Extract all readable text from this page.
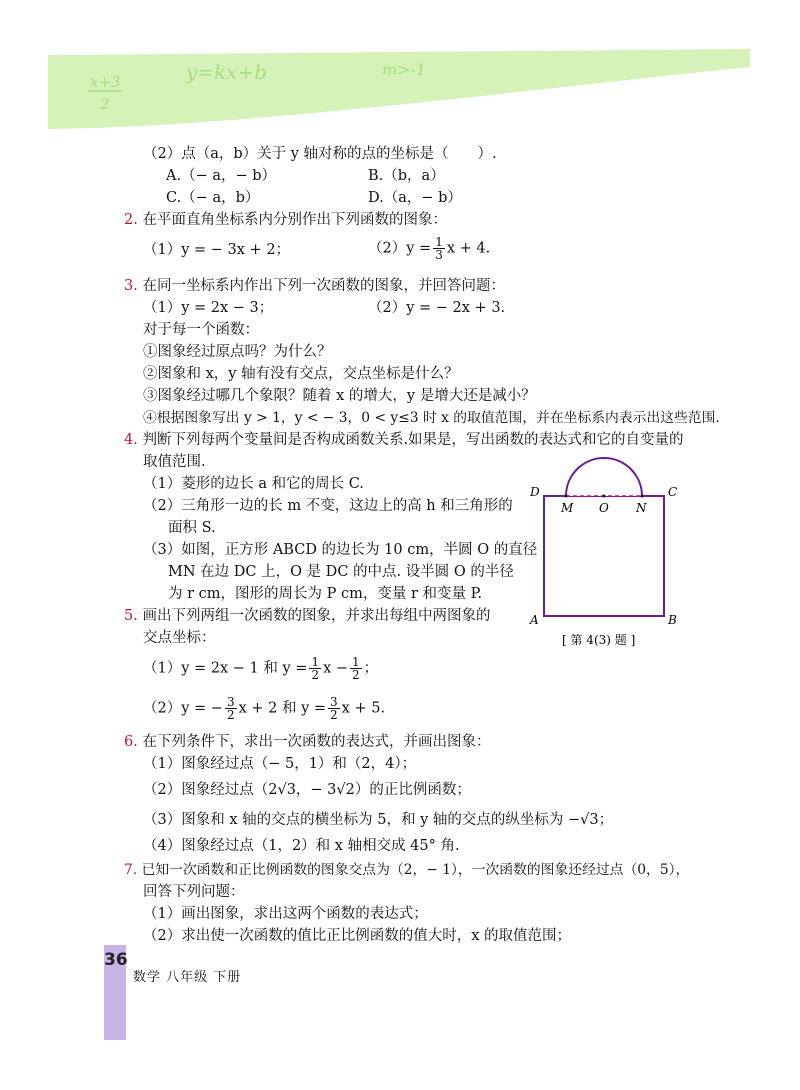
x+3
2
y=kx+b	m>-1
（2）点（a，b）关于 y 轴对称的点的坐标是（　　）.
A.（− a，− b）	B.（b，a）
C.（− a，b）	D.（a，− b）
2. 在平面直角坐标系内分别作出下列函数的图象：
（1）y = − 3x + 2；	$(2)y = \frac{1}{3}$ x + 4.
3. 在同一坐标系内作出下列一次函数的图象，并回答问题：
（1）y = 2x − 3；	（2）y = − 2x + 3.
对于每一个函数：
①图象经过原点吗？为什么？
②图象和 x，y 轴有没有交点，交点坐标是什么？
③图象经过哪几个象限？随着 x 的增大，y 是增大还是减小？
④根据图象写出 y > 1，y < − 3，0 < y≤3 时 x 的取值范围，并在坐标系内表示出这些范围.
4. 判断下列每两个变量间是否构成函数关系.如果是，写出函数的表达式和它的自变量的
取值范围.
（1）菱形的边长 a 和它的周长 C.
（2）三角形一边的长 m 不变，这边上的高 h 和三角形的
面积 S.
（3）如图，正方形 ABCD 的边长为 10 cm，半圆 O 的直径
MN 在边 DC 上，O 是 DC 的中点. 设半圆 O 的半径
为 r cm，图形的周长为 P cm，变量 r 和变量 P.
5. 画出下列两组一次函数的图象，并求出每组中两图象的
交点坐标：
（1）y = 2x − 1 和 $y = \frac{1}{2}$ $x - \frac{1}{2}$ ；
（2）y = − $\frac{3}{2}$ x + 2 和 $y = \frac{3}{2}$ x + 5.
6. 在下列条件下，求出一次函数的表达式，并画出图象：
（1）图象经过点（− 5，1）和（2，4）；
（2）图象经过点（2√3，− 3√2）的正比例函数；
（3）图象和 x 轴的交点的横坐标为 5，和 y 轴的交点的纵坐标为 −√3；
（4）图象经过点（1，2）和 x 轴相交成 45° 角.
7. 已知一次函数和正比例函数的图象交点为（2，− 1），一次函数的图象还经过点（0，5），
回答下列问题：
（1）画出图象，求出这两个函数的表达式；
（2）求出使一次函数的值比正比例函数的值大时，x 的取值范围；
D	C
M O N
A	B
[ 第 4(3) 题 ]
36
数学 八年级 下册
